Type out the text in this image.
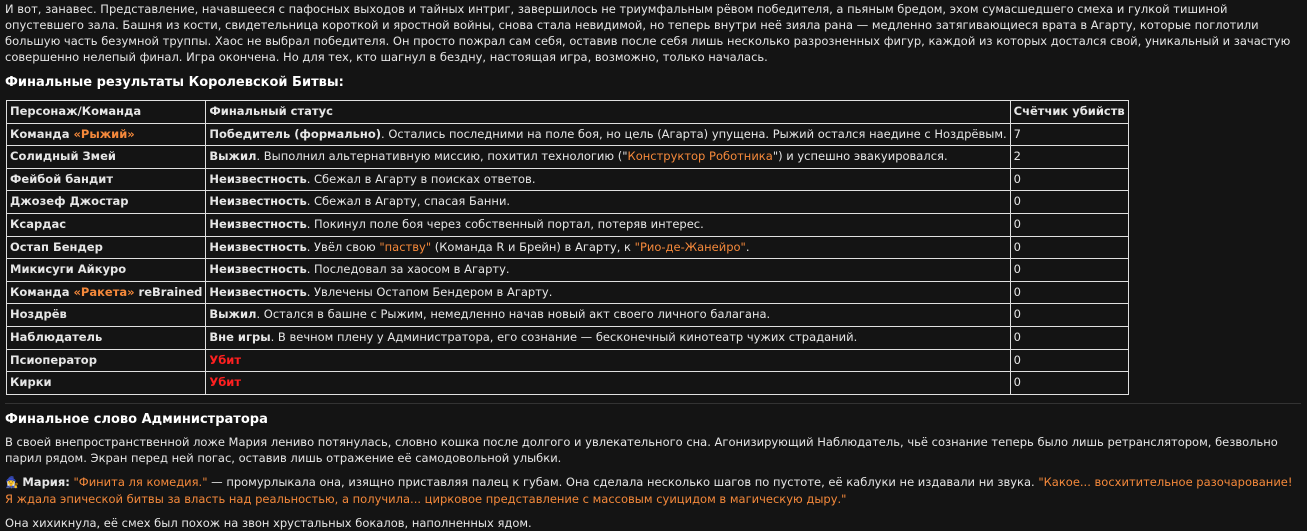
И вот, занавес. Представление, начавшееся с пафосных выходов и тайных интриг, завершилось не триумфальным рёвом победителя, а пьяным бредом, эхом сумасшедшего смеха и гулкой тишиной опустевшего зала. Башня из кости, свидетельница короткой и яростной войны, снова стала невидимой, но теперь внутри неё зияла рана — медленно затягивающиеся врата в Агарту, которые поглотили большую часть безумной труппы. Хаос не выбрал победителя. Он просто пожрал сам себя, оставив после себя лишь несколько разрозненных фигур, каждой из которых достался свой, уникальный и зачастую совершенно нелепый финал. Игра окончена. Но для тех, кто шагнул в бездну, настоящая игра, возможно, только началась.

Финальные результаты Королевской Битвы:
Персонаж/Команда	Финальный статус	Счётчик убийств
Команда «Рыжий»	Победитель (формально). Остались последними на поле боя, но цель (Агарта) упущена. Рыжий остался наедине с Ноздрёвым.	7
Солидный Змей	Выжил. Выполнил альтернативную миссию, похитил технологию ("Конструктор Роботника") и успешно эвакуировался.	2
Фейбой бандит	Неизвестность. Сбежал в Агарту в поисках ответов.	0
Джозеф Джостар	Неизвестность. Сбежал в Агарту, спасая Банни.	0
Ксардас	Неизвестность. Покинул поле боя через собственный портал, потеряв интерес.	0
Остап Бендер	Неизвестность. Увёл свою "паству" (Команда R и Брейн) в Агарту, к "Рио-де-Жанейро".	0
Микисуги Айкуро	Неизвестность. Последовал за хаосом в Агарту.	0
Команда «Ракета» reBrained	Неизвестность. Увлечены Остапом Бендером в Агарту.	0
Ноздрёв	Выжил. Остался в башне с Рыжим, немедленно начав новый акт своего личного балагана.	0
Наблюдатель	Вне игры. В вечном плену у Администратора, его сознание — бесконечный кинотеатр чужих страданий.	0
Псиоператор	Убит	0
Кирки	Убит	0
Финальное слово Администратора

В своей внепространственной ложе Мария лениво потянулась, словно кошка после долгого и увлекательного сна. Агонизирующий Наблюдатель, чьё сознание теперь было лишь ретранслятором, безвольно парил рядом. Экран перед ней погас, оставив лишь отражение её самодовольной улыбки.

🧙‍♀️ Мария: "Финита ля комедия." — промурлыкала она, изящно приставляя палец к губам. Она сделала несколько шагов по пустоте, её каблуки не издавали ни звука. "Какое... восхитительное разочарование! Я ждала эпической битвы за власть над реальностью, а получила... цирковое представление с массовым суицидом в магическую дыру."

Она хихикнула, её смех был похож на звон хрустальных бокалов, наполненных ядом.
